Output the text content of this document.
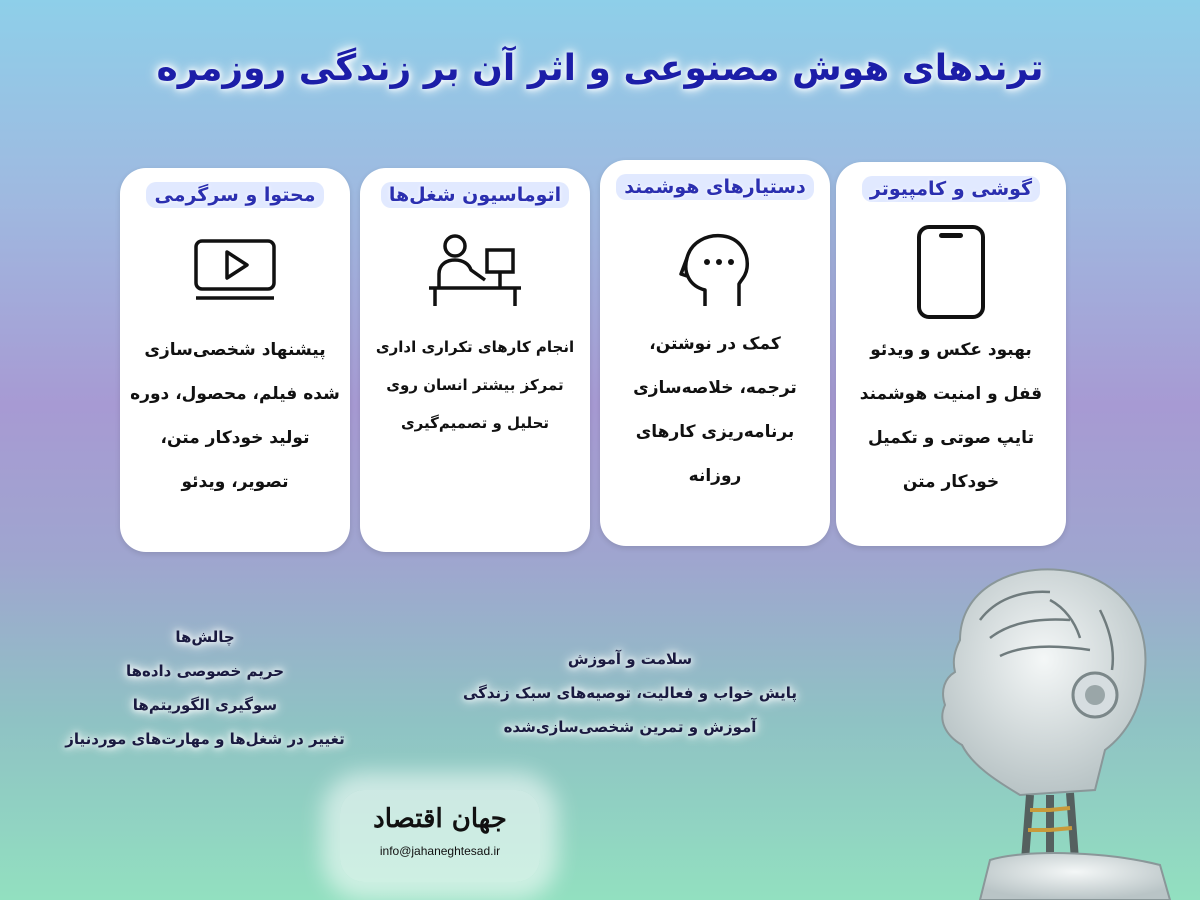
ترندهای هوش مصنوعی و اثر آن بر زندگی روزمره
گوشی و کامپیوتر
بهبود عکس و ویدئو
قفل و امنیت هوشمند
تایپ صوتی و تکمیل
خودکار متن
دستیارهای هوشمند
کمک در نوشتن،
ترجمه، خلاصه‌سازی
برنامه‌ریزی کارهای
روزانه
اتوماسیون شغل‌ها
انجام کارهای تکراری اداری
تمرکز بیشتر انسان روی
تحلیل و تصمیم‌گیری
محتوا و سرگرمی
پیشنهاد شخصی‌سازی
شده فیلم، محصول، دوره
تولید خودکار متن،
تصویر، ویدئو
سلامت و آموزش
پایش خواب و فعالیت، توصیه‌های سبک زندگی
آموزش و تمرین شخصی‌سازی‌شده
چالش‌ها
حریم خصوصی داده‌ها
سوگیری الگوریتم‌ها
تغییر در شغل‌ها و مهارت‌های موردنیاز
جهان اقتصاد
info@jahaneghtesad.ir
